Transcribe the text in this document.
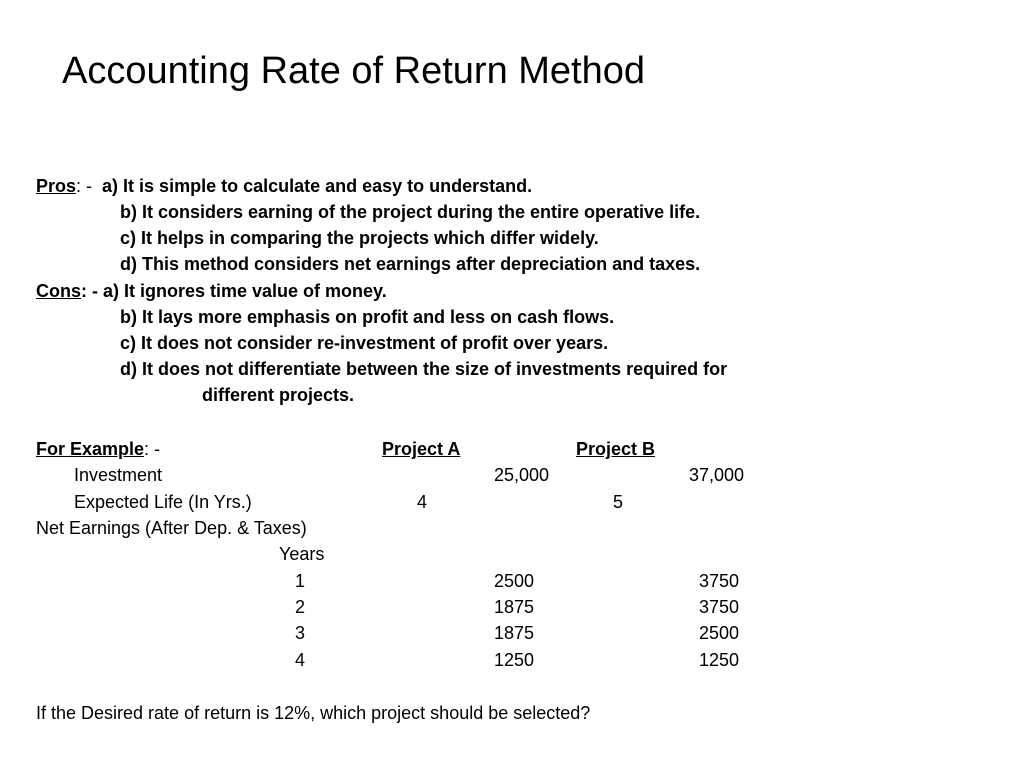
Accounting Rate of Return Method
Pros: - a) It is simple to calculate and easy to understand.
b) It considers earning of the project during the entire operative life.
c) It helps in comparing the projects which differ widely.
d) This method considers net earnings after depreciation and taxes.
Cons: - a) It ignores time value of money.
b) It lays more emphasis on profit and less on cash flows.
c) It does not consider re-investment of profit over years.
d) It does not differentiate between the size of investments required for
different projects.
For Example: -	Project A	Project B
Investment	25,000	37,000
Expected Life (In Yrs.)	4	5
Net Earnings (After Dep. & Taxes)
Years
1	2500	3750
2	1875	3750
3	1875	2500
4	1250	1250
If the Desired rate of return is 12%, which project should be selected?
